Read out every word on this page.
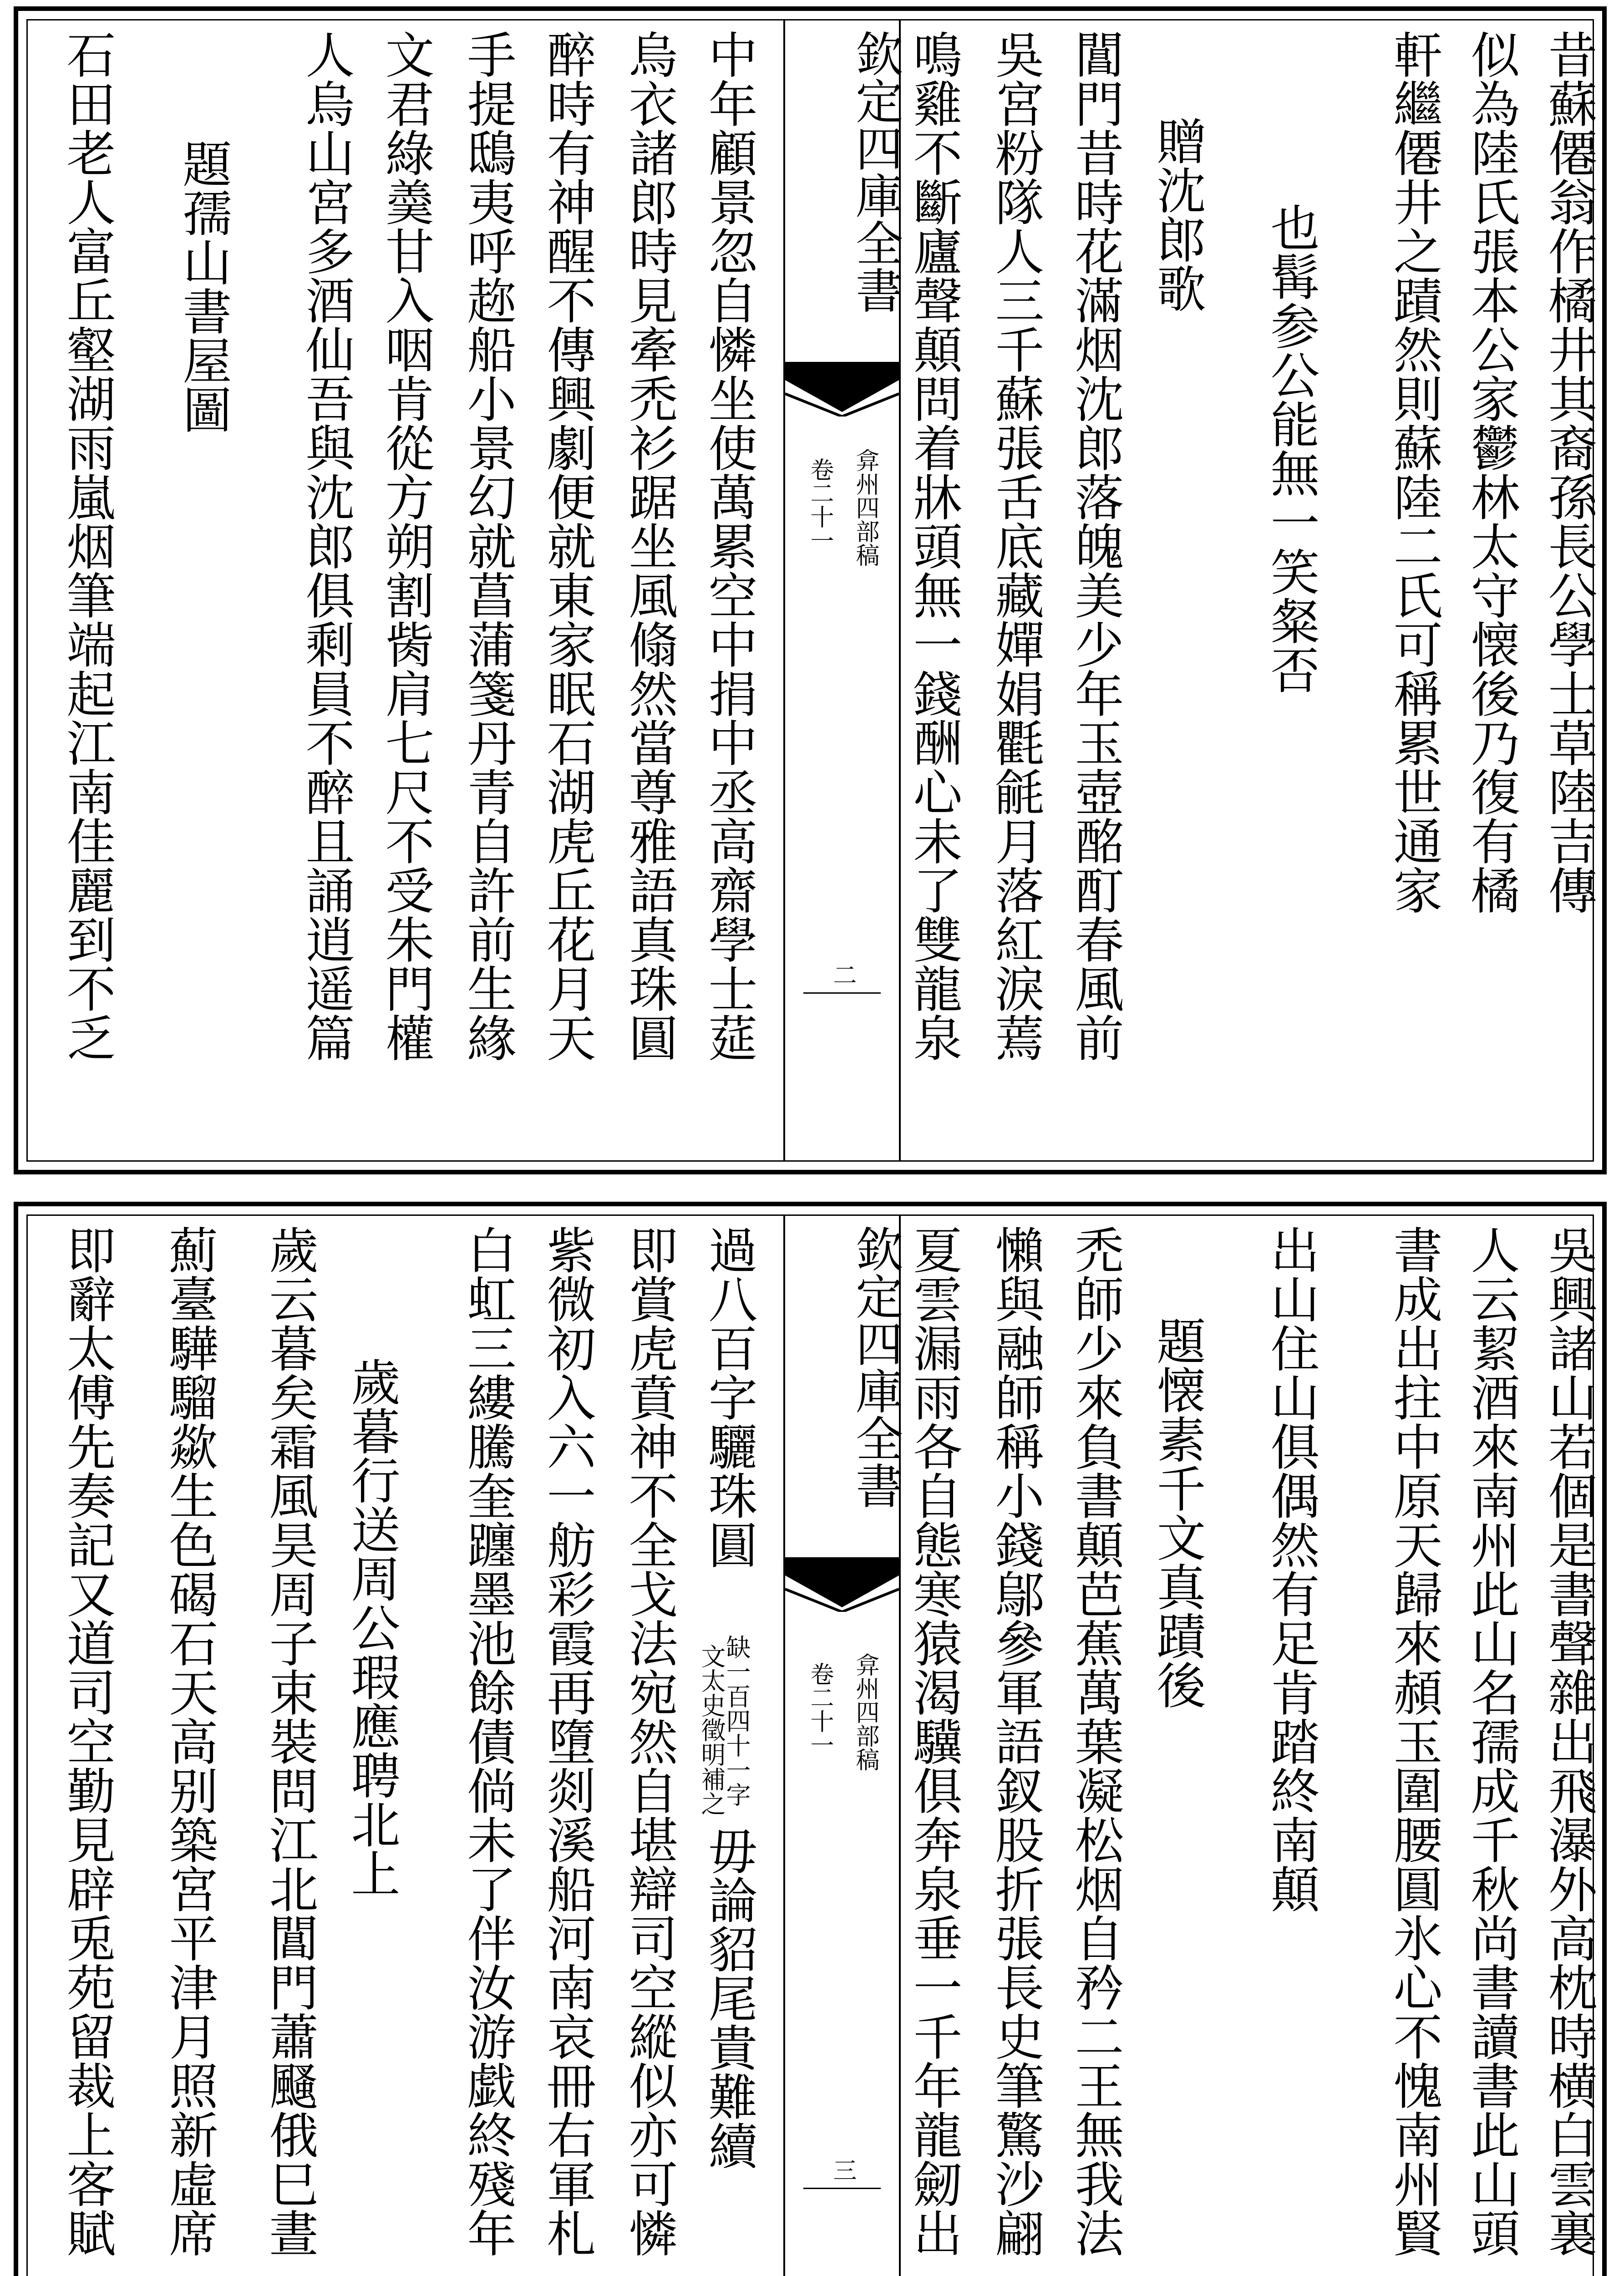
昔蘇僊翁作橘井其裔孫長公學士草陸吉傳
似為陸氏張本公家鬱林太守懐後乃復有橘
軒繼僊井之蹟然則蘇陸二氏可稱累世通家
也髯参公能無一笑粲否
贈沈郎歌
閶門昔時花滿烟沈郎落魄美少年玉壺酩酊春風前
吳宮粉隊人三千蘇張舌底藏嬋娟氍毹月落紅淚蔫
鳴雞不斷廬聲顛問着牀頭無一錢酬心未了雙龍泉
欽定四庫全書
弇州四部稿
卷二十一
二
中年顧景忽自憐坐使萬累空中捐中丞高齋學士莚
烏衣諸郎時見牽禿衫踞坐風翛然當尊雅語真珠圓
醉時有神醒不傳興劇便就東家眠石湖虎丘花月天
手提鴟夷呼趂船小景幻就菖蒲箋丹青自許前生緣
文君綠羮甘入咽肯從方朔割胔肩七尺不受朱門權
人烏山宮多酒仙吾與沈郎俱剩員不醉且誦逍遥篇
題孺山書屋圖
石田老人富丘壑湖雨嵐烟筆端起江南佳麗到不乏
吳興諸山若個是書聲雜出飛瀑外高枕時横白雲裏
人云絜酒來南州此山名孺成千秋尚書讀書此山頭
書成出拄中原天歸來頳玉圍腰圓氷心不愧南州賢
出山住山俱偶然有足肯踏終南顛
題懐素千文真蹟後
禿師少來負書顛芭蕉萬葉凝松烟自矜二王無我法
懶與融師稱小錢鄔參軍語釵股折張長史筆驚沙翩
夏雲漏雨各自態寒猿渴驥俱奔泉垂一千年龍劒出
欽定四庫全書
弇州四部稿
卷二十一
三
過八百字驪珠圓
缺一百四十一字
文太史徵明補之
毋論貂尾貴難續
即賞虎賁神不全戈法宛然自堪辯司空縱似亦可憐
紫微初入六一舫彩霞再墮剡溪船河南哀冊右軍札
白虹三縷騰奎躔墨池餘債倘未了伴汝游戯終殘年
歲暮行送周公瑕應聘北上
歲云暮矣霜風昊周子束裝問江北閶門蕭颾俄巳晝
薊臺驊騮歘生色碣石天高别築宮平津月照新虛席
即辭太傅先奏記又道司空勤見辟兎苑留裁上客賦
